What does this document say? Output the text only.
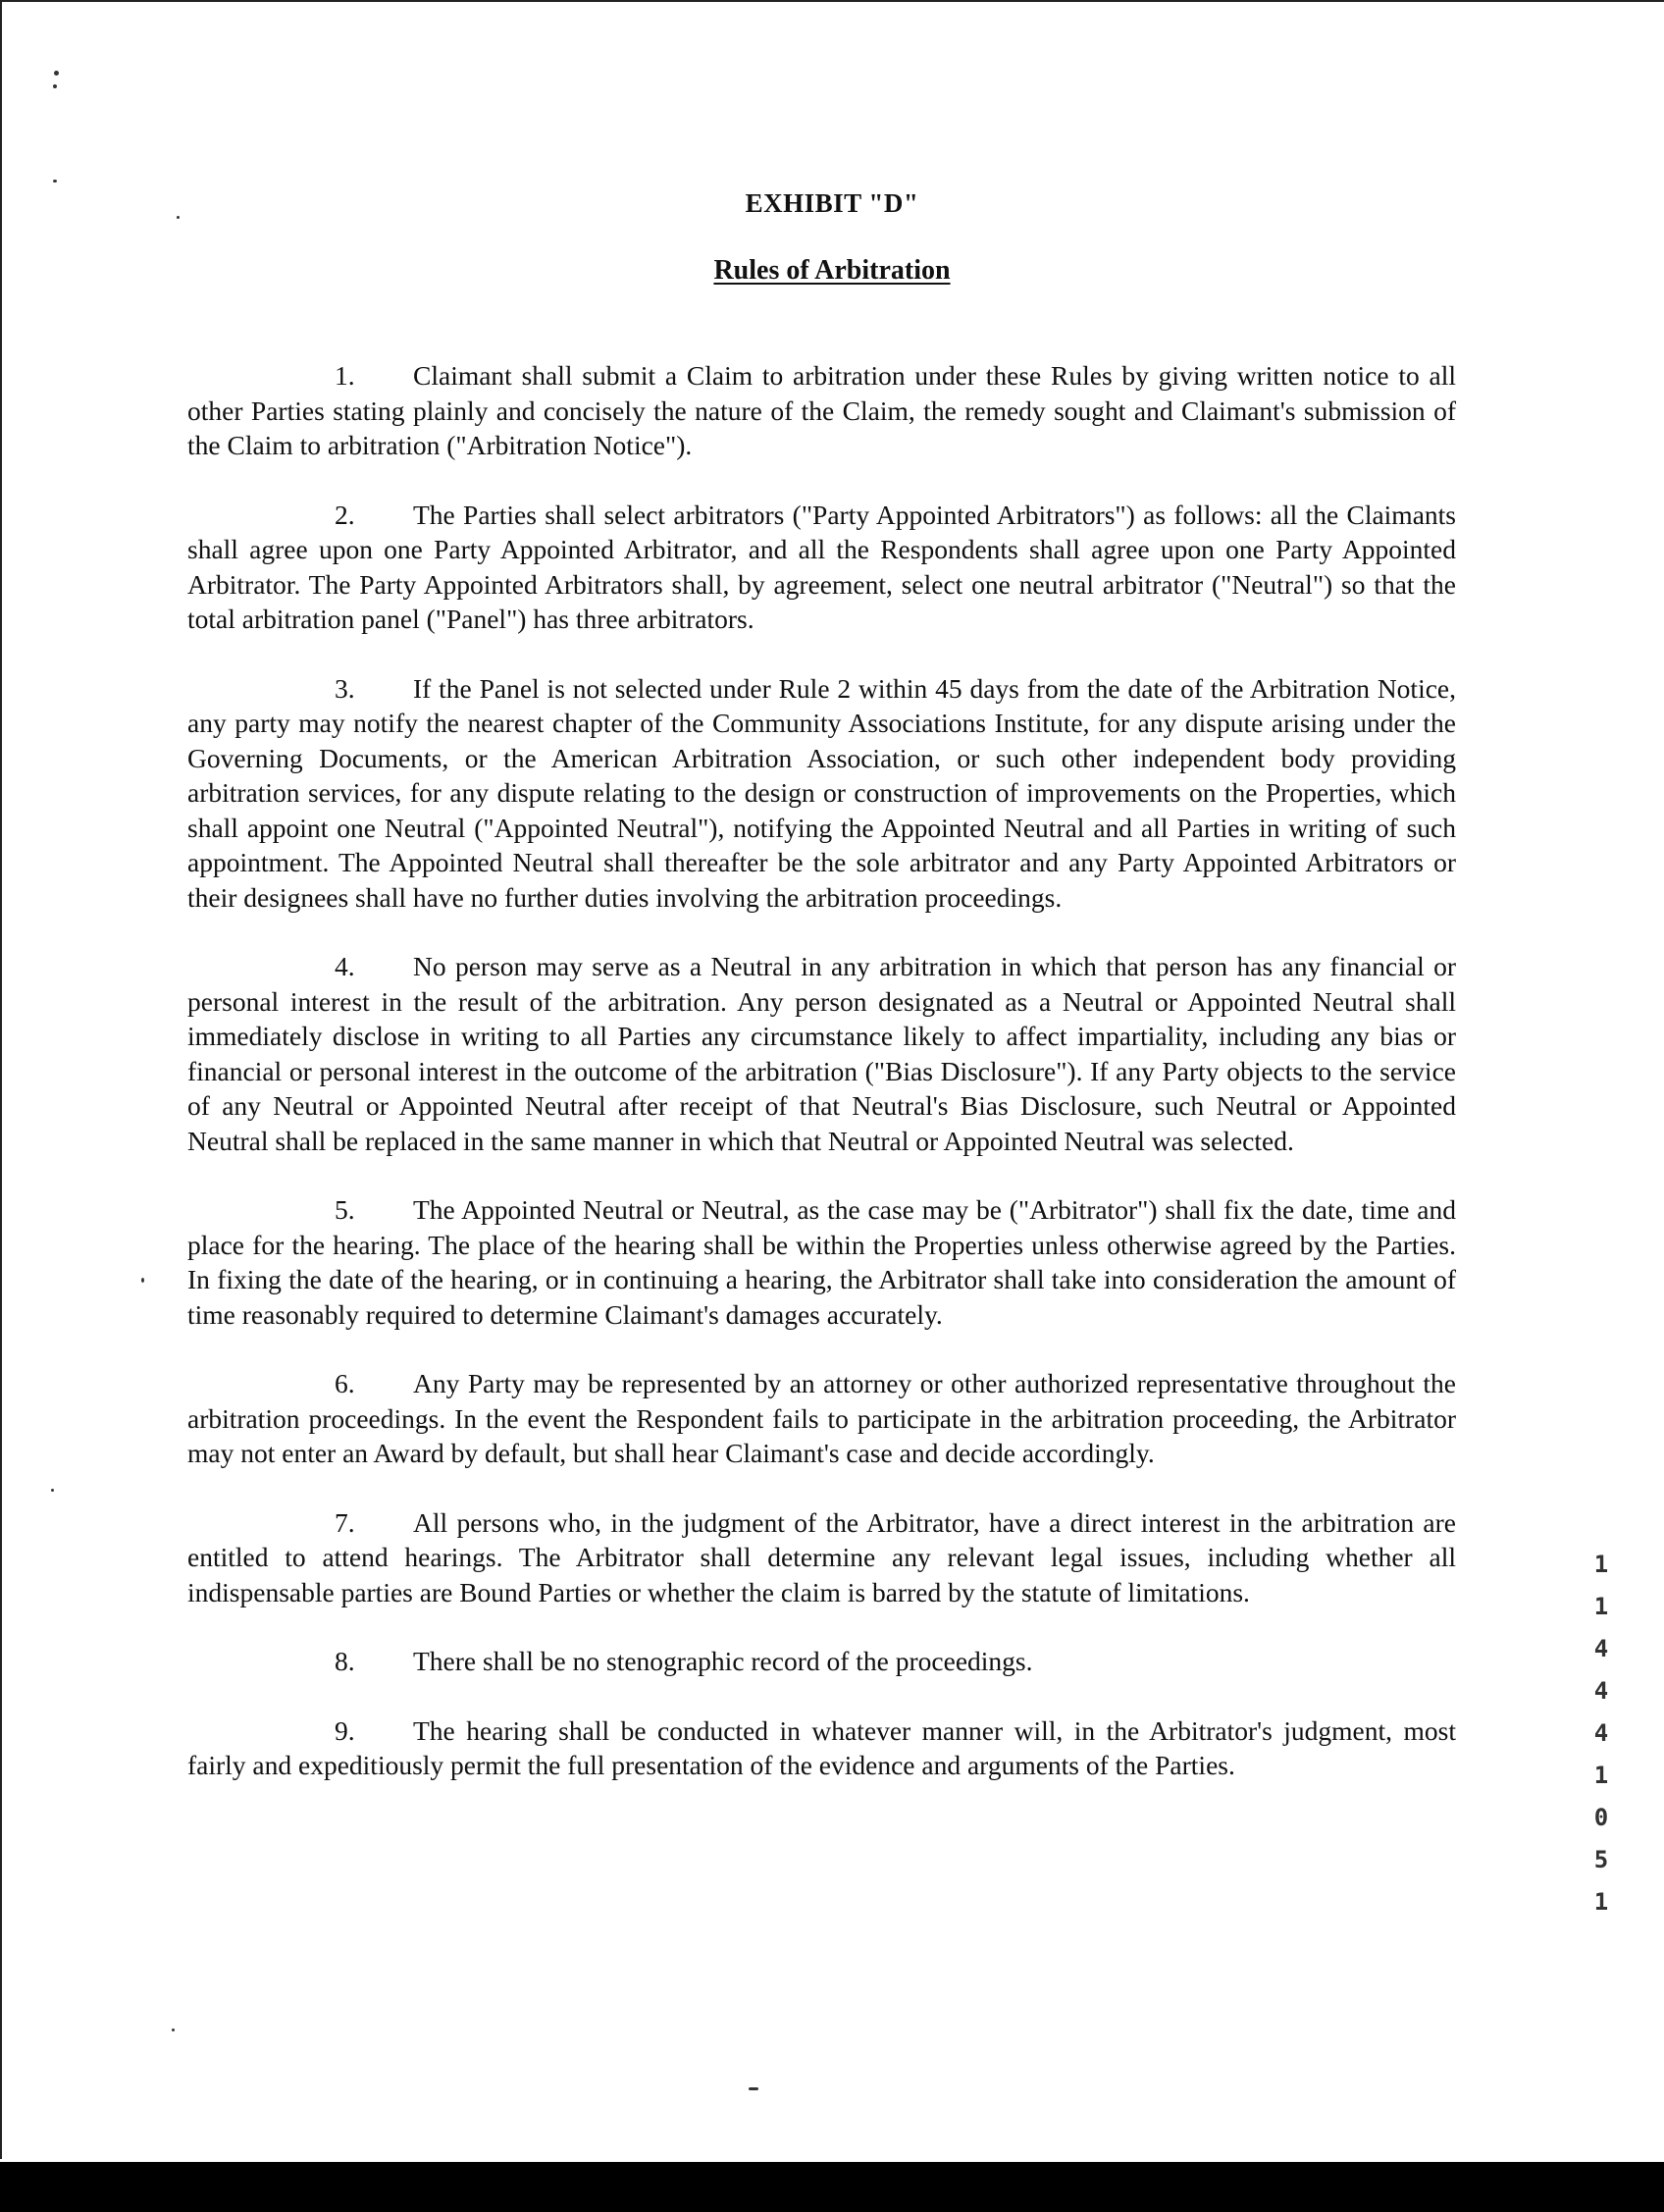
EXHIBIT "D"
Rules of Arbitration

1. Claimant shall submit a Claim to arbitration under these Rules by giving written notice to all other Parties stating plainly and concisely the nature of the Claim, the remedy sought and Claimant's submission of the Claim to arbitration ("Arbitration Notice").

2. The Parties shall select arbitrators ("Party Appointed Arbitrators") as follows: all the Claimants shall agree upon one Party Appointed Arbitrator, and all the Respondents shall agree upon one Party Appointed Arbitrator. The Party Appointed Arbitrators shall, by agreement, select one neutral arbitrator ("Neutral") so that the total arbitration panel ("Panel") has three arbitrators.

3. If the Panel is not selected under Rule 2 within 45 days from the date of the Arbitration Notice, any party may notify the nearest chapter of the Community Associations Institute, for any dispute arising under the Governing Documents, or the American Arbitration Association, or such other independent body providing arbitration services, for any dispute relating to the design or construction of improvements on the Properties, which shall appoint one Neutral ("Appointed Neutral"), notifying the Appointed Neutral and all Parties in writing of such appointment. The Appointed Neutral shall thereafter be the sole arbitrator and any Party Appointed Arbitrators or their designees shall have no further duties involving the arbitration proceedings.

4. No person may serve as a Neutral in any arbitration in which that person has any financial or personal interest in the result of the arbitration. Any person designated as a Neutral or Appointed Neutral shall immediately disclose in writing to all Parties any circumstance likely to affect impartiality, including any bias or financial or personal interest in the outcome of the arbitration ("Bias Disclosure"). If any Party objects to the service of any Neutral or Appointed Neutral after receipt of that Neutral's Bias Disclosure, such Neutral or Appointed Neutral shall be replaced in the same manner in which that Neutral or Appointed Neutral was selected.

5. The Appointed Neutral or Neutral, as the case may be ("Arbitrator") shall fix the date, time and place for the hearing. The place of the hearing shall be within the Properties unless otherwise agreed by the Parties. In fixing the date of the hearing, or in continuing a hearing, the Arbitrator shall take into consideration the amount of time reasonably required to determine Claimant's damages accurately.

6. Any Party may be represented by an attorney or other authorized representative throughout the arbitration proceedings. In the event the Respondent fails to participate in the arbitration proceeding, the Arbitrator may not enter an Award by default, but shall hear Claimant's case and decide accordingly.

7. All persons who, in the judgment of the Arbitrator, have a direct interest in the arbitration are entitled to attend hearings. The Arbitrator shall determine any relevant legal issues, including whether all indispensable parties are Bound Parties or whether the claim is barred by the statute of limitations.

8. There shall be no stenographic record of the proceedings.

9. The hearing shall be conducted in whatever manner will, in the Arbitrator's judgment, most fairly and expeditiously permit the full presentation of the evidence and arguments of the Parties.

1
1
4
4
4
1
0
5
1
